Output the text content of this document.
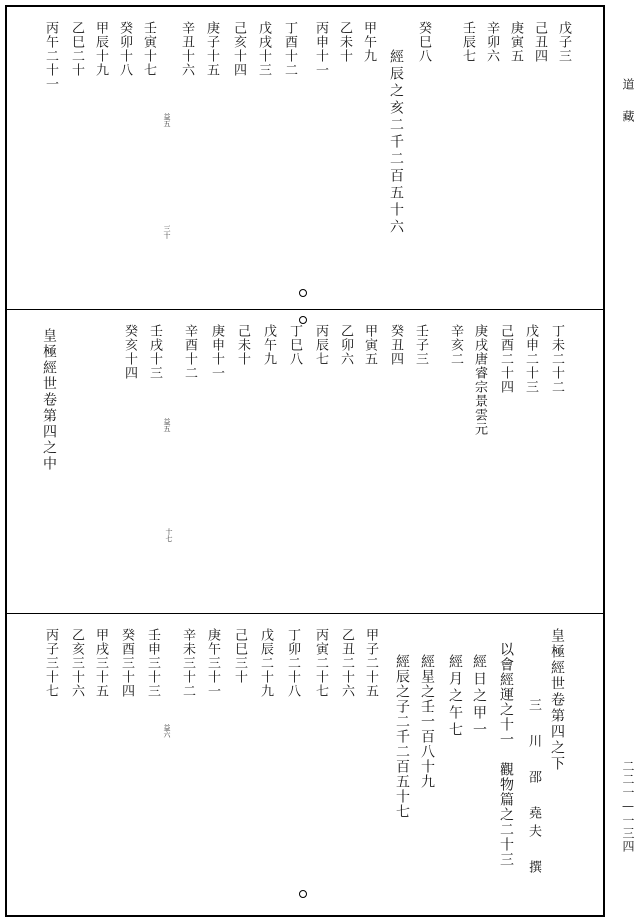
道　藏
二二一—一三四
戊子三
己丑四
庚寅五
辛卯六
壬辰七
癸巳八
經辰之亥二千二百五十六
甲午九
乙未十
丙申十一
丁酉十二
戊戌十三
己亥十四
庚子十五
辛丑十六
壬寅十七
癸卯十八
甲辰十九
乙巳二十
丙午二十一
益五
三十
丁未二十二
戊申二十三
己酉二十四
庚戌唐睿宗景雲元
辛亥二
壬子三
癸丑四
甲寅五
乙卯六
丙辰七
丁巳八
戊午九
己未十
庚申十一
辛酉十二
壬戌十三
癸亥十四
皇極經世卷第四之中	益五
十七
皇極經世卷第四之下
三　川　邵　堯夫　撰
以會經運之十一　觀物篇之二十三
經日之甲一
經月之午七
經星之壬一百八十九
經辰之子二千二百五十七
甲子二十五
乙丑二十六
丙寅二十七
丁卯二十八
戊辰二十九
己巳三十
庚午三十一
辛未三十二
壬申三十三
癸酉三十四
甲戌三十五
乙亥三十六
丙子三十七
益六
